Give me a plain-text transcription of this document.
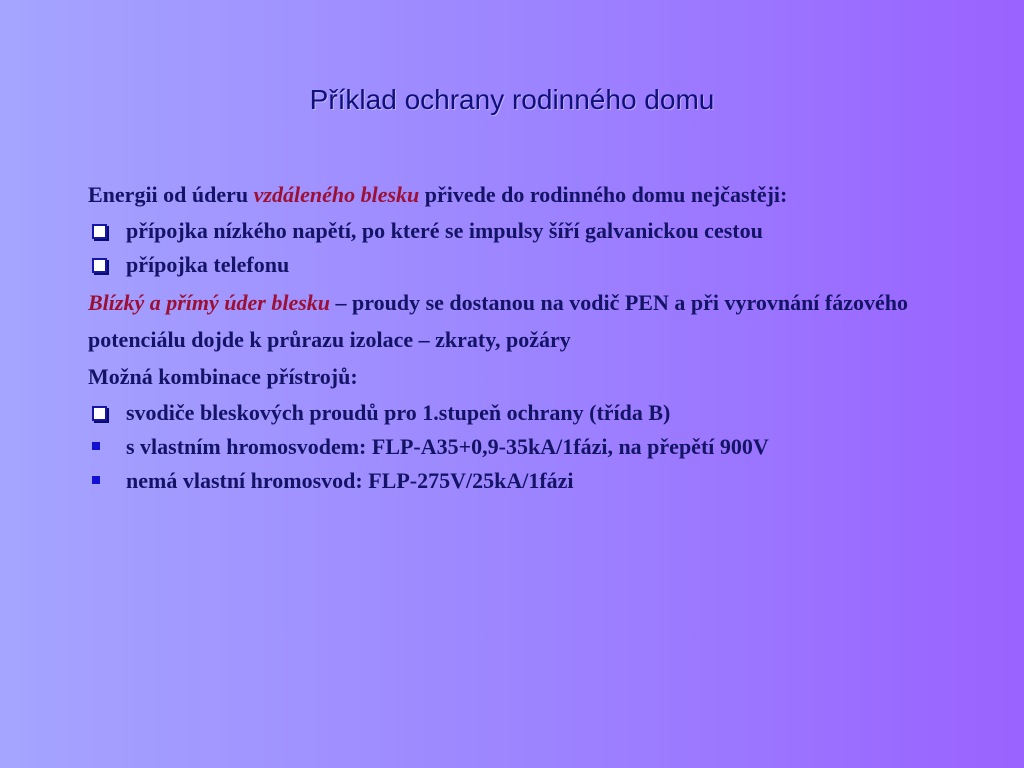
Příklad ochrany rodinného domu
Energii od úderu vzdáleného blesku přivede do rodinného domu nejčastěji:
přípojka nízkého napětí, po které se impulsy šíří galvanickou cestou
přípojka telefonu
Blízký a přímý úder blesku – proudy se dostanou na vodič PEN a při vyrovnání fázového potenciálu dojde k průrazu izolace – zkraty, požáry
Možná kombinace přístrojů:
svodiče bleskových proudů pro 1.stupeň ochrany (třída B)
s vlastním hromosvodem: FLP-A35+0,9-35kA/1fázi, na přepětí 900V
nemá vlastní hromosvod: FLP-275V/25kA/1fázi
